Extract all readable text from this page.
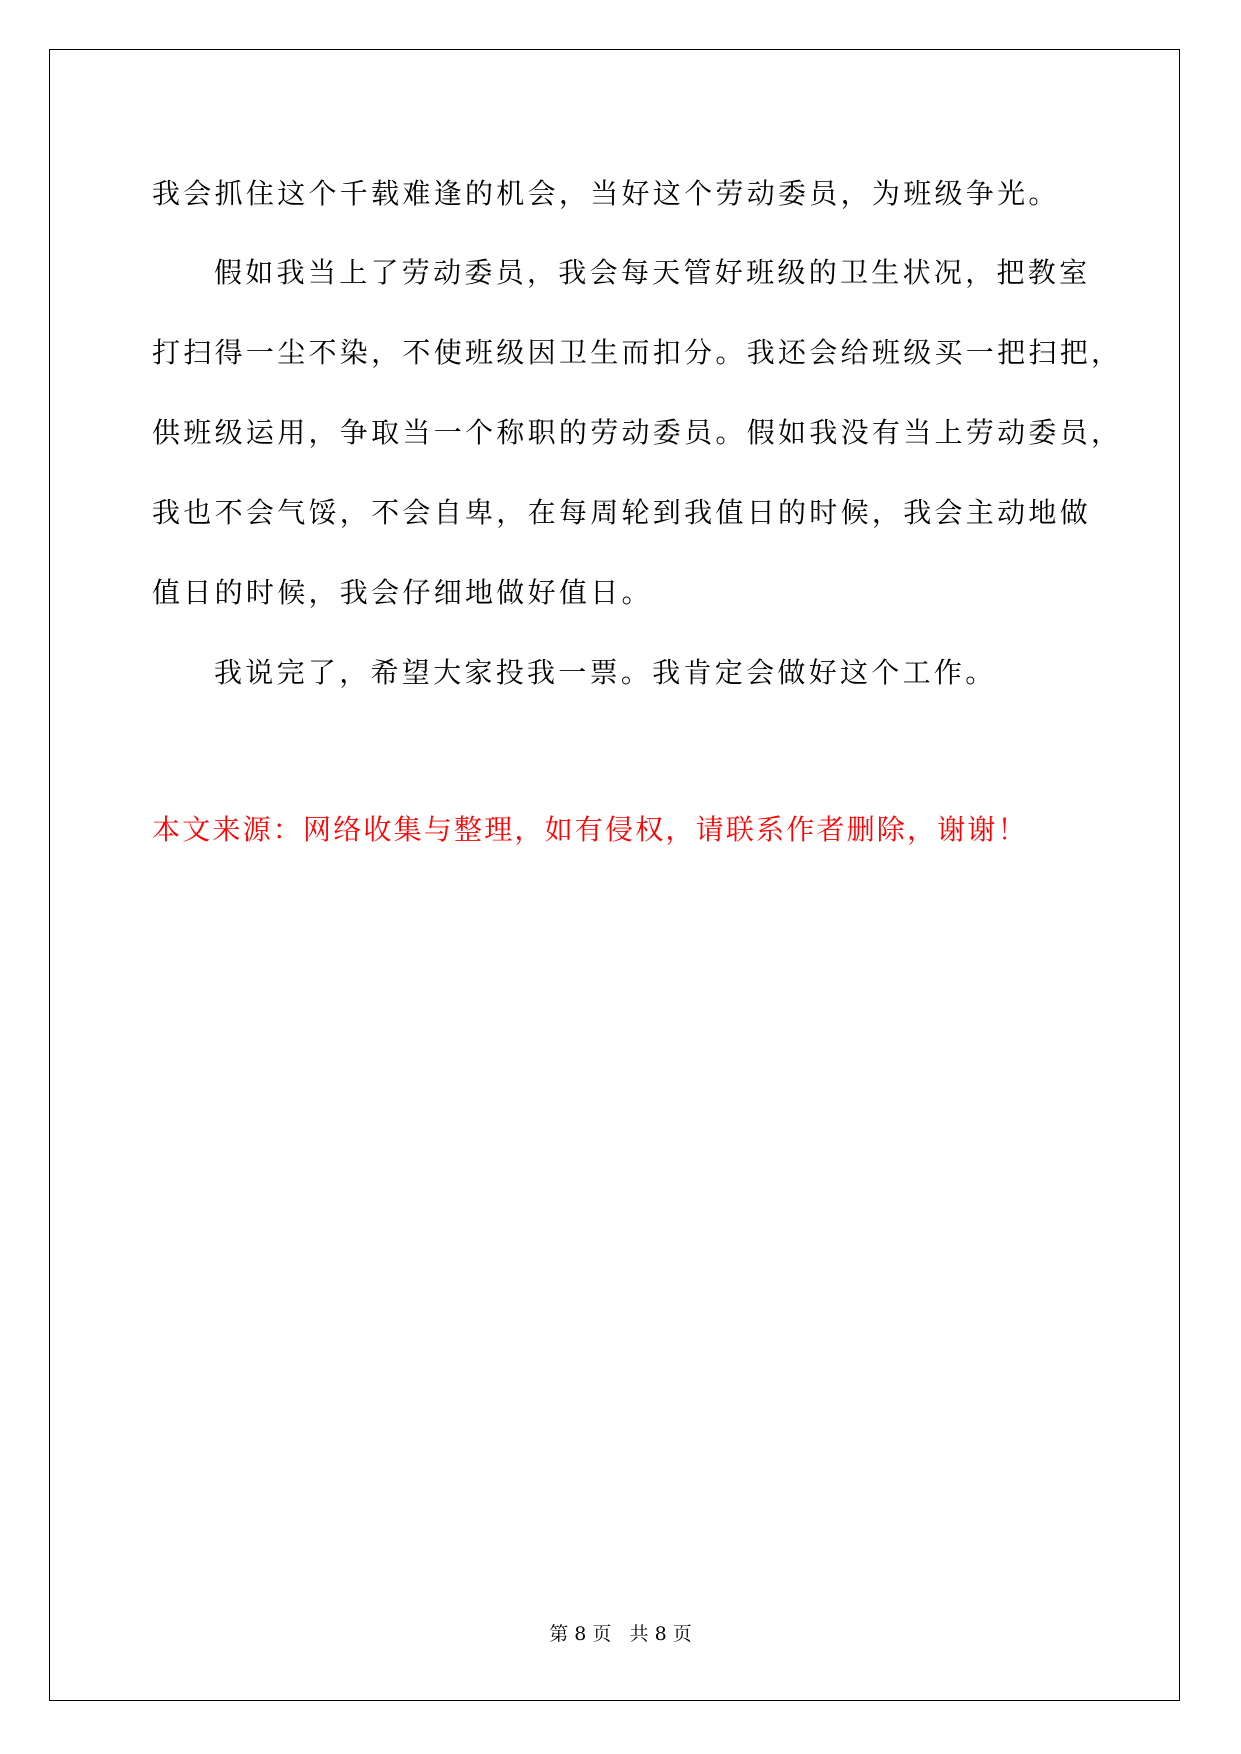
我会抓住这个千载难逢的机会，当好这个劳动委员，为班级争光。
假如我当上了劳动委员，我会每天管好班级的卫生状况，把教室
打扫得一尘不染，不使班级因卫生而扣分。我还会给班级买一把扫把，
供班级运用，争取当一个称职的劳动委员。假如我没有当上劳动委员，
我也不会气馁，不会自卑，在每周轮到我值日的时候，我会主动地做
值日的时候，我会仔细地做好值日。
我说完了，希望大家投我一票。我肯定会做好这个工作。
本文来源：网络收集与整理，如有侵权，请联系作者删除，谢谢！
第 8 页   共 8 页
